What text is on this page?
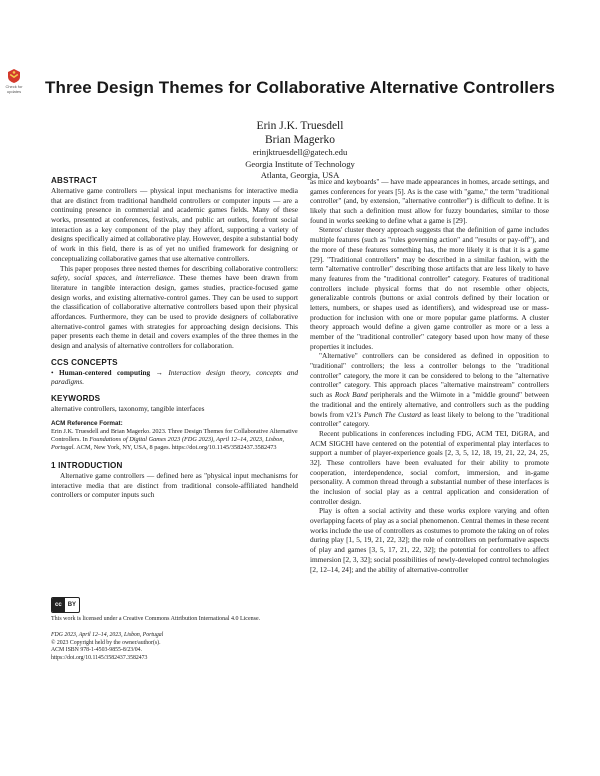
Check for updates	Three Design Themes for Collaborative Alternative Controllers
Erin J.K. Truesdell
Brian Magerko
erinjktruesdell@gatech.edu
Georgia Institute of Technology
Atlanta, Georgia, USA
ABSTRACT

Alternative game controllers — physical input mechanisms for interactive media that are distinct from traditional handheld controllers or computer inputs — are a continuing presence in commercial and academic games fields. Many of these works, presented at conferences, festivals, and public art outlets, forefront social interaction as a key component of the play they afford, supporting a variety of designs specifically aimed at collaborative play. However, despite a substantial body of work in this field, there is as of yet no unified framework for designing or conceptualizing collaborative games that use alternative controllers.

This paper proposes three nested themes for describing collaborative controllers: safety, social spaces, and interreliance. These themes have been drawn from literature in tangible interaction design, games studies, practice-focused game design works, and existing alternative-control games. They can be used to support the classification of collaborative alternative controllers based upon their physical affordances. Furthermore, they can be used to provide designers of collaborative alternative-control games with strategies for approaching design decisions. This paper presents each theme in detail and covers examples of the three themes in the design and analysis of alternative controllers for collaboration.

CCS CONCEPTS
• Human-centered computing → Interaction design theory, concepts and paradigms.
KEYWORDS

alternative controllers, taxonomy, tangible interfaces

ACM Reference Format:
Erin J.K. Truesdell and Brian Magerko. 2023. Three Design Themes for Collaborative Alternative Controllers. In Foundations of Digital Games 2023 (FDG 2023), April 12–14, 2023, Lisbon, Portugal. ACM, New York, NY, USA, 8 pages. https://doi.org/10.1145/3582437.3582473
1 INTRODUCTION

Alternative game controllers — defined here as "physical input mechanisms for interactive media that are distinct from traditional console-affiliated handheld controllers or computer inputs such

cc	BY
This work is licensed under a Creative Commons Attribution International 4.0 License.
FDG 2023, April 12–14, 2023, Lisbon, Portugal
© 2023 Copyright held by the owner/author(s).
ACM ISBN 978-1-4503-9855-8/23/04.
https://doi.org/10.1145/3582437.3582473

as mice and keyboards" — have made appearances in homes, arcade settings, and games conferences for years [5]. As is the case with "game," the term "traditional controller" (and, by extension, "alternative controller") is difficult to define. It is likely that such a definition must allow for fuzzy boundaries, similar to those found in works seeking to define what a game is [29].

Stenros' cluster theory approach suggests that the definition of game includes multiple features (such as "rules governing action" and "results or pay-off"), and the more of these features something has, the more likely it is that it is a game [29]. "Traditional controllers" may be described in a similar fashion, with the term "alternative controller" describing those artifacts that are less likely to have many features from the "traditional controller" category. Features of traditional controllers include physical forms that do not resemble other objects, generalizable controls (buttons or axial controls defined by their location or letters, numbers, or shapes used as identifiers), and widespread use or mass-production for inclusion with one or more popular game platforms. A cluster theory approach would define a given game controller as more or a less a member of the "traditional controller" category based upon how many of these properties it includes.

"Alternative" controllers can be considered as defined in opposition to "traditional" controllers; the less a controller belongs to the "traditional controller" category, the more it can be considered to belong to the "alternative controller" category. This approach places "alternative mainstream" controllers such as Rock Band peripherals and the Wiimote in a "middle ground" between the traditional and the entirely alternative, and controllers such as the pudding bowls from v21's Punch The Custard as least likely to belong to the "traditional controller" category.

Recent publications in conferences including FDG, ACM TEI, DiGRA, and ACM SIGCHI have centered on the potential of experimental play interfaces to support a number of player-experience goals [2, 3, 5, 12, 18, 19, 21, 22, 24, 25, 32]. These controllers have been evaluated for their ability to promote cooperation, interdependence, social comfort, immersion, and in-game personality. A common thread through a substantial number of these interfaces is the inclusion of social play as a central application and consideration of controller design.

Play is often a social activity and these works explore varying and often overlapping facets of play as a social phenomenon. Central themes in these recent works include the use of controllers as costumes to promote the taking on of roles during play [1, 5, 19, 21, 22, 32]; the role of controllers on performative aspects of play and games [3, 5, 17, 21, 22, 32]; the potential for controllers to affect immersion [2, 3, 32]; social possibilities of newly-developed control technologies [2, 12–14, 24]; and the ability of alternative-controller
